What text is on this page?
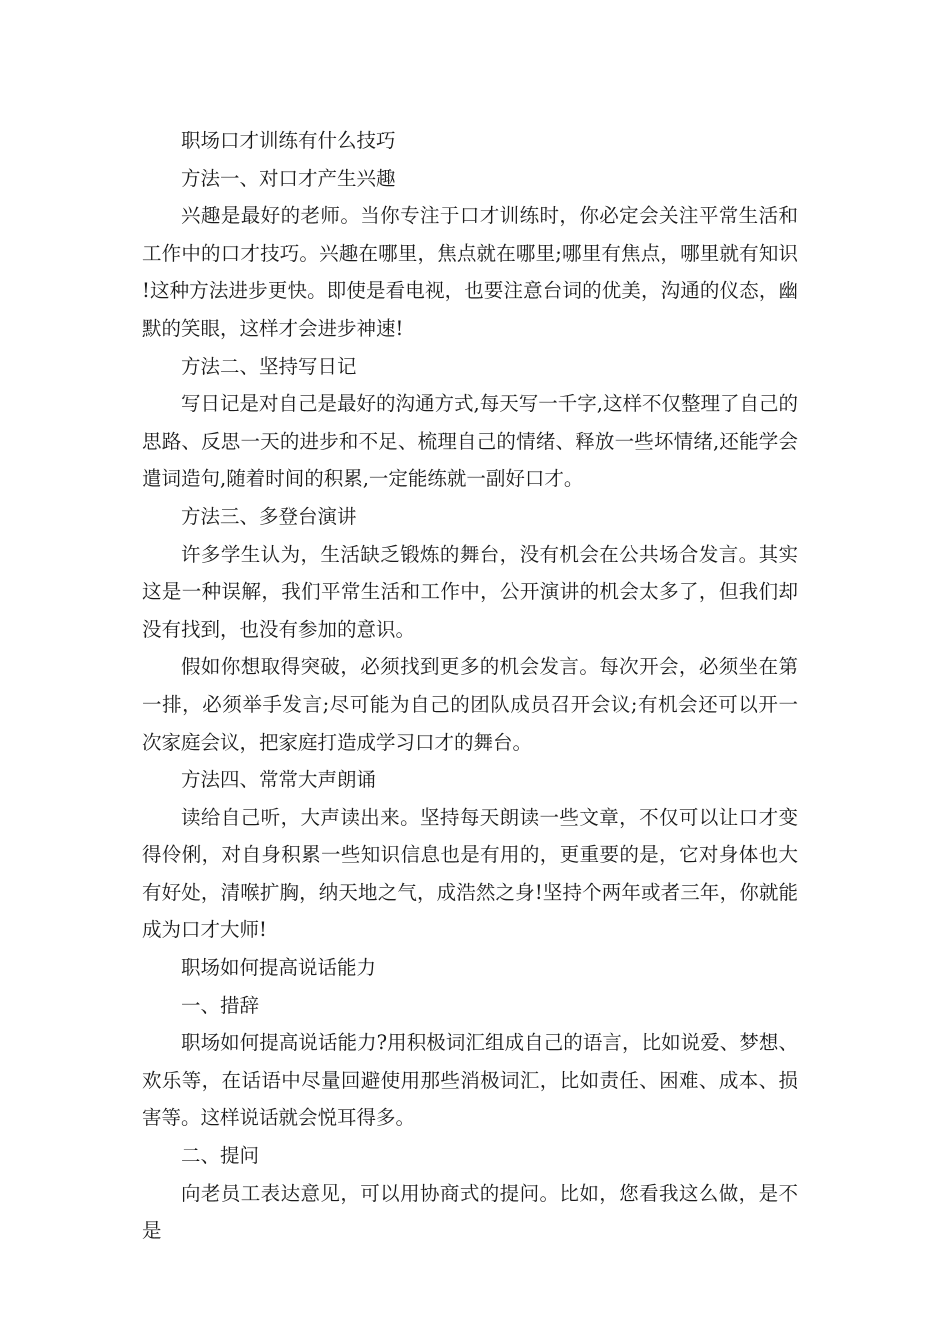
职场口才训练有什么技巧

方法一、对口才产生兴趣

兴趣是最好的老师。当你专注于口才训练时，你必定会关注平常生活和工作中的口才技巧。兴趣在哪里，焦点就在哪里;哪里有焦点，哪里就有知识!这种方法进步更快。即使是看电视，也要注意台词的优美，沟通的仪态，幽默的笑眼，这样才会进步神速!

方法二、坚持写日记

写日记是对自己是最好的沟通方式,每天写一千字,这样不仅整理了自己的思路、反思一天的进步和不足、梳理自己的情绪、释放一些坏情绪,还能学会遣词造句,随着时间的积累,一定能练就一副好口才。

方法三、多登台演讲

许多学生认为，生活缺乏锻炼的舞台，没有机会在公共场合发言。其实这是一种误解，我们平常生活和工作中，公开演讲的机会太多了，但我们却没有找到，也没有参加的意识。

假如你想取得突破，必须找到更多的机会发言。每次开会，必须坐在第一排，必须举手发言;尽可能为自己的团队成员召开会议;有机会还可以开一次家庭会议，把家庭打造成学习口才的舞台。

方法四、常常大声朗诵

读给自己听，大声读出来。坚持每天朗读一些文章，不仅可以让口才变得伶俐，对自身积累一些知识信息也是有用的，更重要的是，它对身体也大有好处，清喉扩胸，纳天地之气，成浩然之身!坚持个两年或者三年，你就能成为口才大师!

职场如何提高说话能力

一、措辞

职场如何提高说话能力?用积极词汇组成自己的语言，比如说爱、梦想、欢乐等，在话语中尽量回避使用那些消极词汇，比如责任、困难、成本、损害等。这样说话就会悦耳得多。

二、提问

向老员工表达意见，可以用协商式的提问。比如，您看我这么做，是不是
